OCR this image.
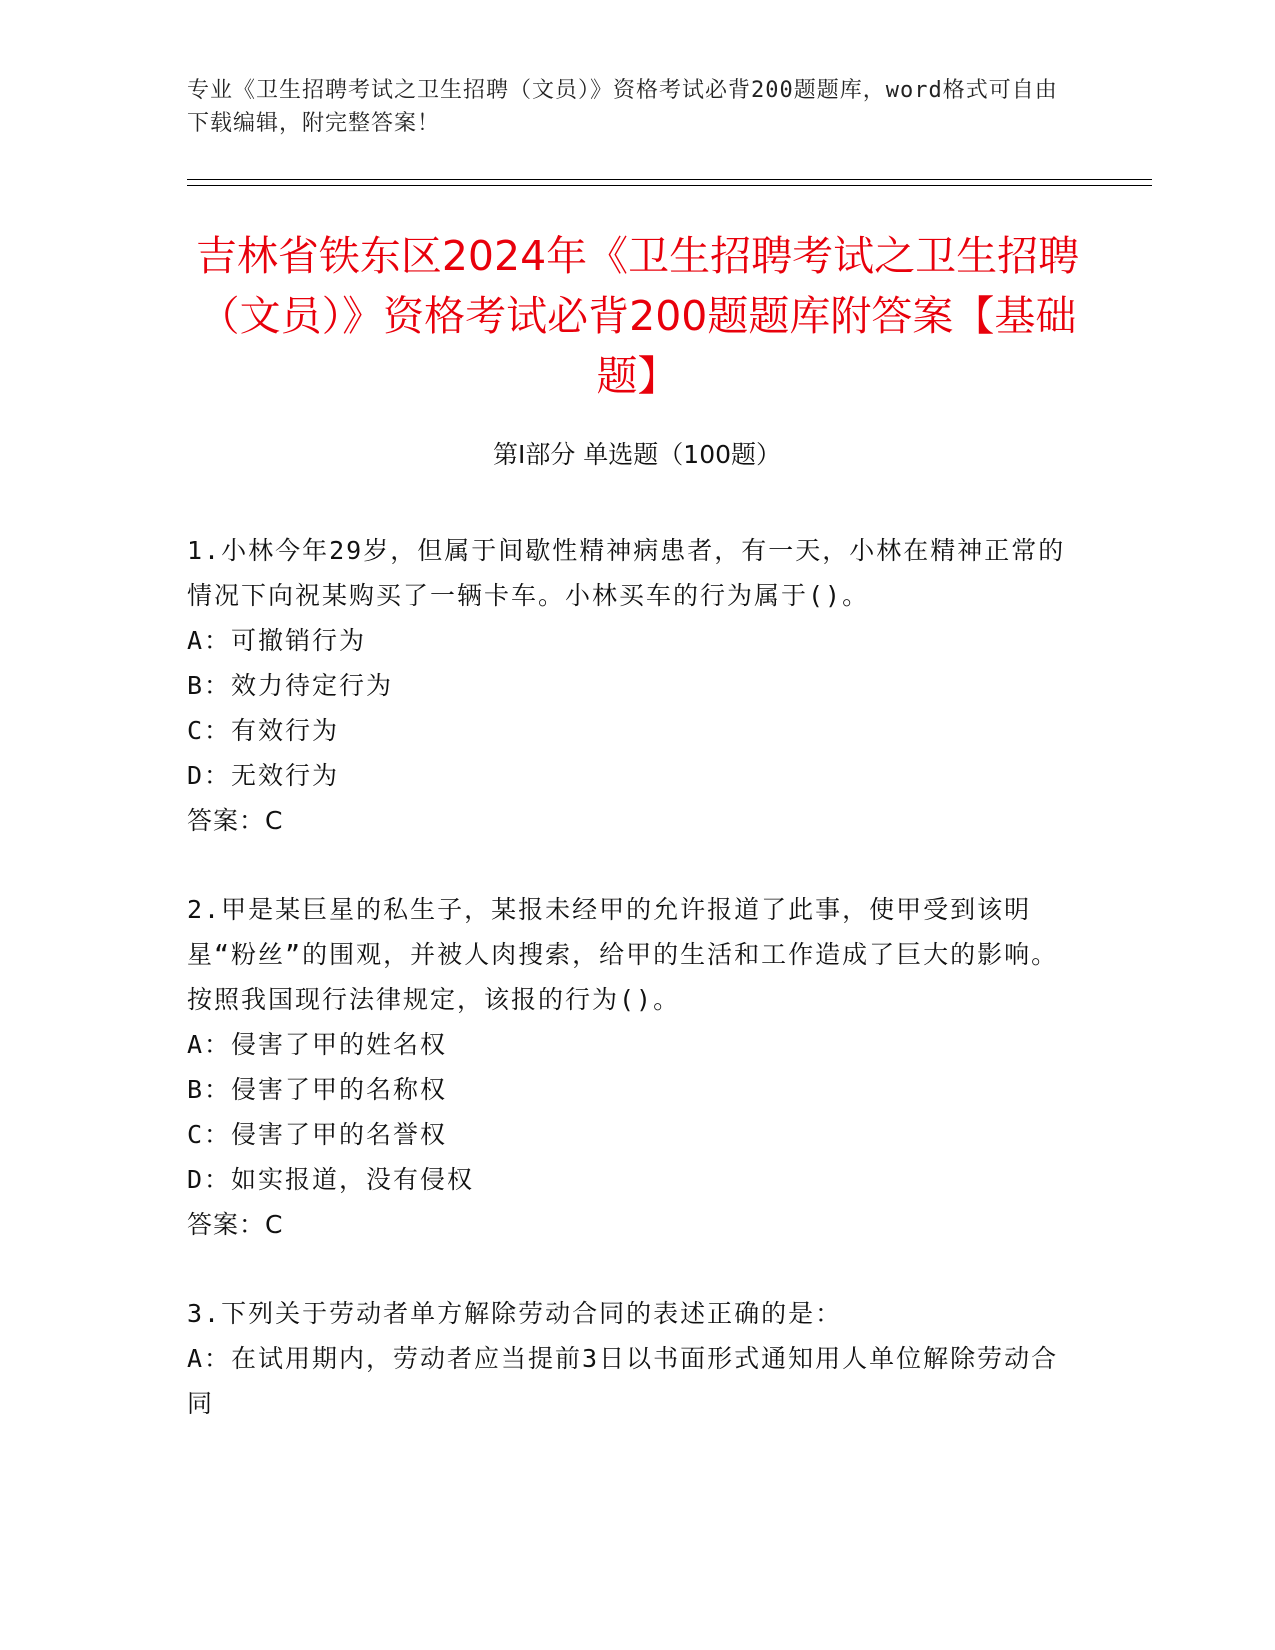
专业《卫生招聘考试之卫生招聘（文员）》资格考试必背200题题库，word格式可自由下载编辑，附完整答案！
吉林省铁东区2024年《卫生招聘考试之卫生招聘（文员）》资格考试必背200题题库附答案【基础题】
第Ⅰ部分 单选题（100题）
1.小林今年29岁，但属于间歇性精神病患者，有一天，小林在精神正常的情况下向祝某购买了一辆卡车。小林买车的行为属于()。
A：可撤销行为
B：效力待定行为
C：有效行为
D：无效行为
答案：C
2.甲是某巨星的私生子，某报未经甲的允许报道了此事，使甲受到该明星“粉丝”的围观，并被人肉搜索，给甲的生活和工作造成了巨大的影响。按照我国现行法律规定，该报的行为()。
A：侵害了甲的姓名权
B：侵害了甲的名称权
C：侵害了甲的名誉权
D：如实报道，没有侵权
答案：C
3.下列关于劳动者单方解除劳动合同的表述正确的是：
A：在试用期内，劳动者应当提前3日以书面形式通知用人单位解除劳动合同
